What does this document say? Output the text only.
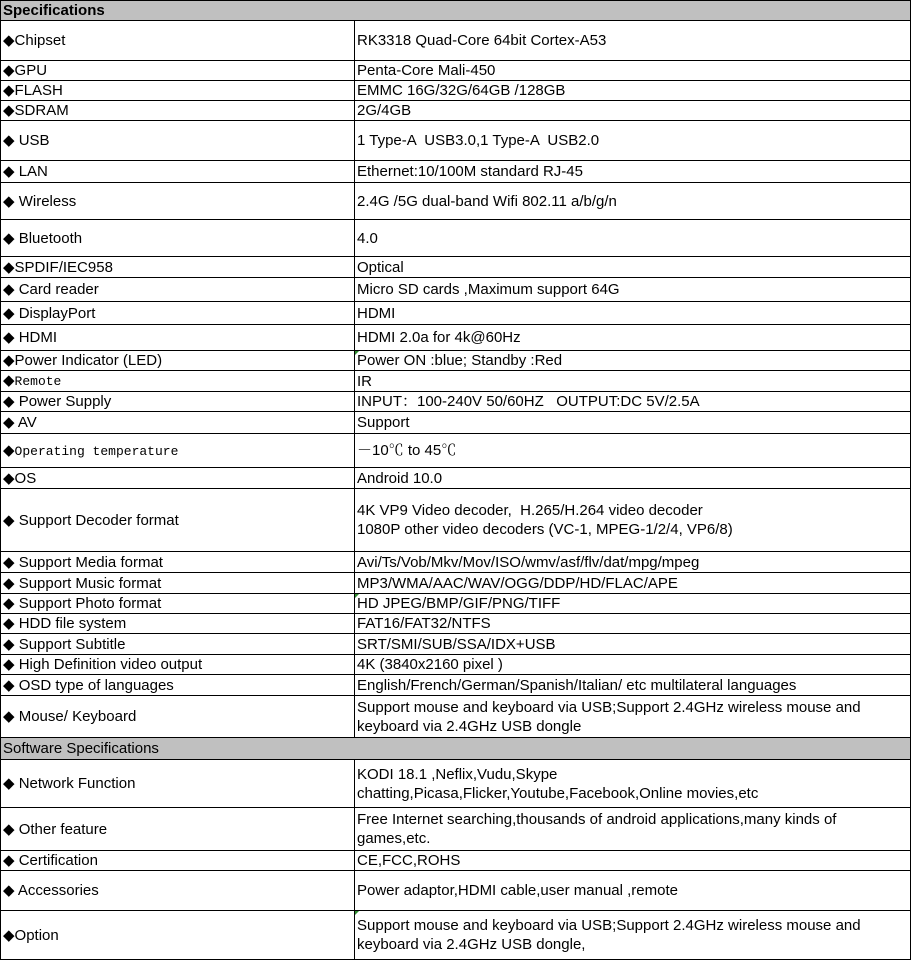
Specifications	
◆Chipset	RK3318 Quad-Core 64bit Cortex-A53
◆GPU	Penta-Core Mali-450
◆FLASH	EMMC 16G/32G/64GB /128GB
◆SDRAM	2G/4GB
◆ USB	1 Type-A  USB3.0,1 Type-A  USB2.0
◆ LAN	Ethernet:10/100M standard RJ-45
◆ Wireless	2.4G /5G dual-band Wifi 802.11 a/b/g/n
◆ Bluetooth	4.0
◆SPDIF/IEC958	Optical
◆ Card reader	Micro SD cards ,Maximum support 64G
◆ DisplayPort	HDMI
◆ HDMI	HDMI 2.0a for 4k@60Hz
◆Power Indicator (LED)	Power ON :blue; Standby :Red
◆Remote	IR
◆ Power Supply	INPUT：100-240V 50/60HZ   OUTPUT:DC 5V/2.5A
◆ AV	Support
◆Operating temperature	－10℃ to 45℃
◆OS	Android 10.0
◆ Support Decoder format	4K VP9 Video decoder,  H.265/H.264 video decoder
1080P other video decoders (VC-1, MPEG-1/2/4, VP6/8)
◆ Support Media format	Avi/Ts/Vob/Mkv/Mov/ISO/wmv/asf/flv/dat/mpg/mpeg
◆ Support Music format	MP3/WMA/AAC/WAV/OGG/DDP/HD/FLAC/APE
◆ Support Photo format	HD JPEG/BMP/GIF/PNG/TIFF
◆ HDD file system	FAT16/FAT32/NTFS
◆ Support Subtitle	SRT/SMI/SUB/SSA/IDX+USB
◆ High Definition video output	4K (3840x2160 pixel )
◆ OSD type of languages	English/French/German/Spanish/Italian/ etc multilateral languages
◆ Mouse/ Keyboard	Support mouse and keyboard via USB;Support 2.4GHz wireless mouse and keyboard via 2.4GHz USB dongle
Software Specifications	
◆ Network Function	KODI 18.1 ,Neflix,Vudu,Skype
chatting,Picasa,Flicker,Youtube,Facebook,Online movies,etc
◆ Other feature	Free Internet searching,thousands of android applications,many kinds of games,etc.
◆ Certification	CE,FCC,ROHS
◆ Accessories	Power adaptor,HDMI cable,user manual ,remote
◆Option	Support mouse and keyboard via USB;Support 2.4GHz wireless mouse and keyboard via 2.4GHz USB dongle,
